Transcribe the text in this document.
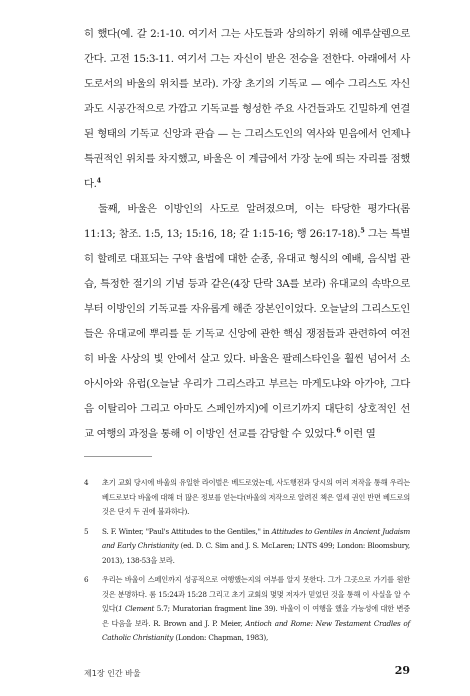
히 했다(예. 갈 2:1-10. 여기서 그는 사도들과 상의하기 위해 예루살렘으로 간다. 고전 15:3-11. 여기서 그는 자신이 받은 전승을 전한다. 아래에서 사도로서의 바울의 위치를 보라). 가장 초기의 기독교 — 예수 그리스도 자신과도 시공간적으로 가깝고 기독교를 형성한 주요 사건들과도 긴밀하게 연결된 형태의 기독교 신앙과 관습 — 는 그리스도인의 역사와 믿음에서 언제나 특권적인 위치를 차지했고, 바울은 이 계급에서 가장 눈에 띄는 자리를 점했다.$^4$

둘째, 바울은 이방인의 사도로 알려졌으며, 이는 타당한 평가다(롬 11:13; 참조. 1:5, 13; 15:16, 18; 갈 1:15-16; 행 26:17-18).$^5$ 그는 특별히 할례로 대표되는 구약 율법에 대한 순종, 유대교 형식의 예배, 음식법 관습, 특정한 절기의 기념 등과 같은(4장 단락 3A를 보라) 유대교의 속박으로부터 이방인의 기독교를 자유롭게 해준 장본인이었다. 오늘날의 그리스도인들은 유대교에 뿌리를 둔 기독교 신앙에 관한 핵심 쟁점들과 관련하여 여전히 바울 사상의 빛 안에서 살고 있다. 바울은 팔레스타인을 훨씬 넘어서 소아시아와 유럽(오늘날 우리가 그리스라고 부르는 마게도냐와 아가야, 그다음 이탈리아 그리고 아마도 스페인까지)에 이르기까지 대단히 상호적인 선교 여행의 과정을 통해 이 이방인 선교를 감당할 수 있었다.$^6$ 이런 열

4	초기 교회 당시에 바울의 유일한 라이벌은 베드로였는데, 사도행전과 당시의 여러 저작을 통해 우리는 베드로보다 바울에 대해 더 많은 정보를 얻는다(바울의 저작으로 알려진 책은 열세 권인 반면 베드로의 것은 단지 두 권에 불과하다).
5	S. F. Winter, "Paul's Attitudes to the Gentiles," in Attitudes to Gentiles in Ancient Judaism and Early Christianity (ed. D. C. Sim and J. S. McLaren; LNTS 499; London: Bloomsbury, 2013), 138-53을 보라.
6	우리는 바울이 스페인까지 성공적으로 여행했는지의 여부를 알지 못한다. 그가 그곳으로 가기를 원한 것은 분명하다. 롬 15:24과 15:28 그리고 초기 교회의 몇몇 저자가 믿었던 것을 통해 이 사실을 알 수 있다(1 Clement 5.7; Muratorian fragment line 39). 바울이 이 여행을 했을 가능성에 대한 변증은 다음을 보라. R. Brown and J. P. Meier, Antioch and Rome: New Testament Cradles of Catholic Christianity (London: Chapman, 1983),
제1장 인간 바울	29
